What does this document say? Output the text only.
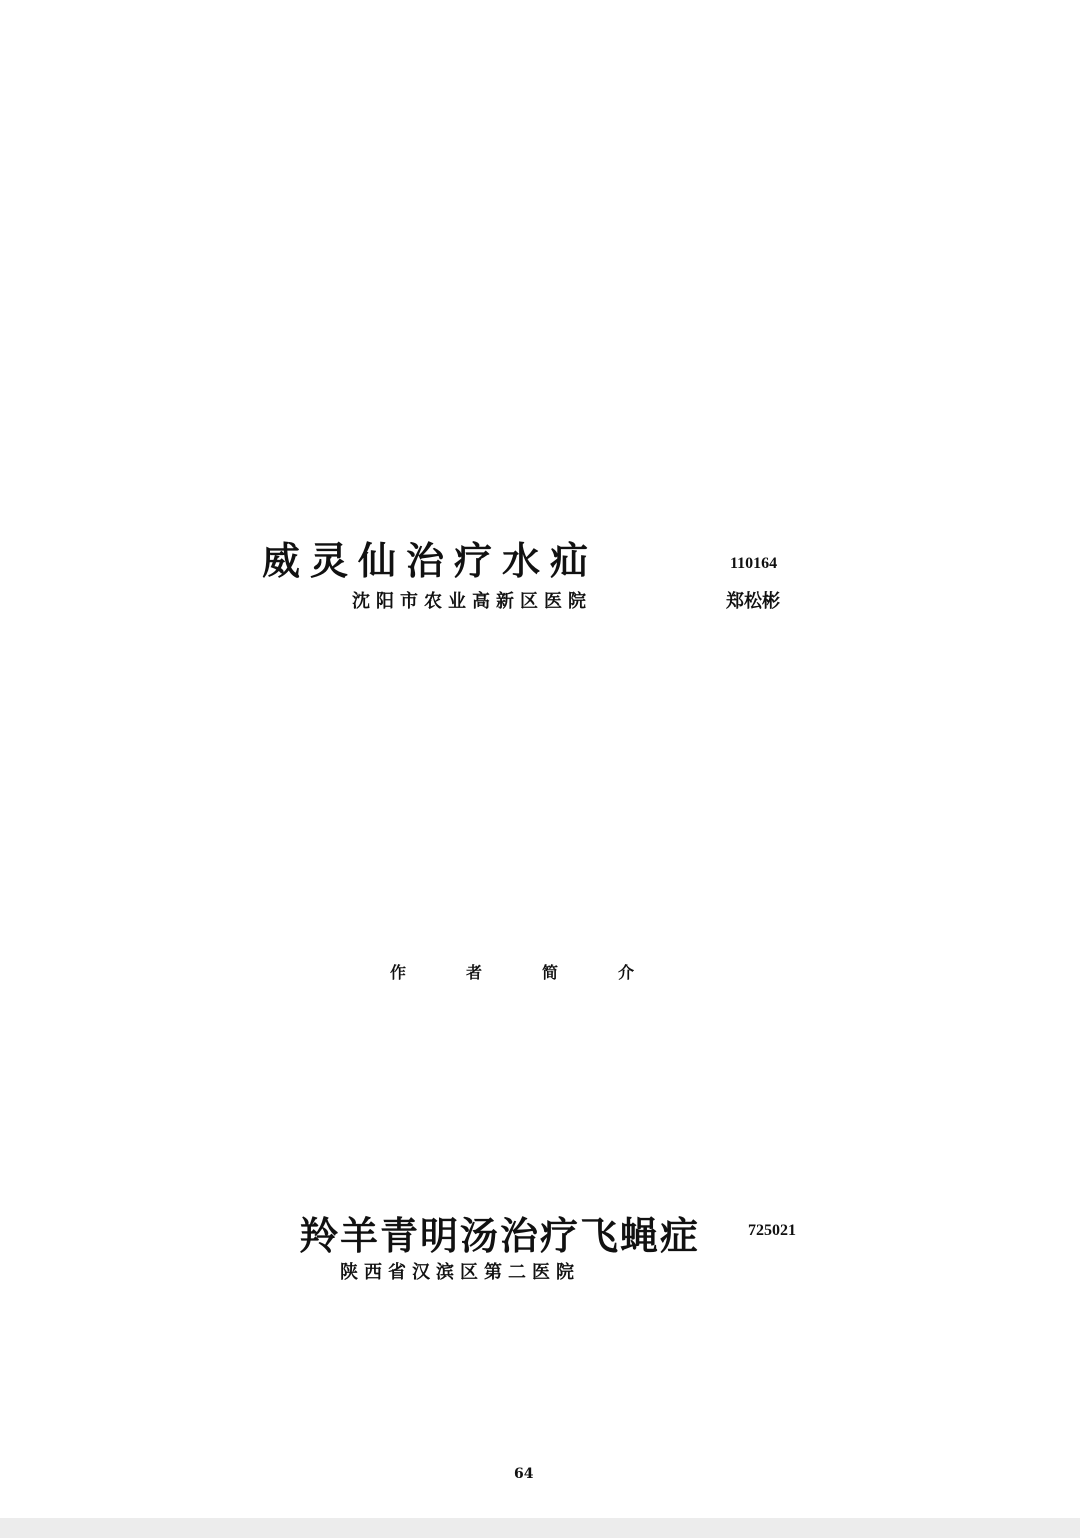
威灵仙治疗水疝	110164
沈阳市农业高新区医院	郑松彬

作者简介
羚羊青明汤治疗飞蝇症	725021
陕西省汉滨区第二医院

64
